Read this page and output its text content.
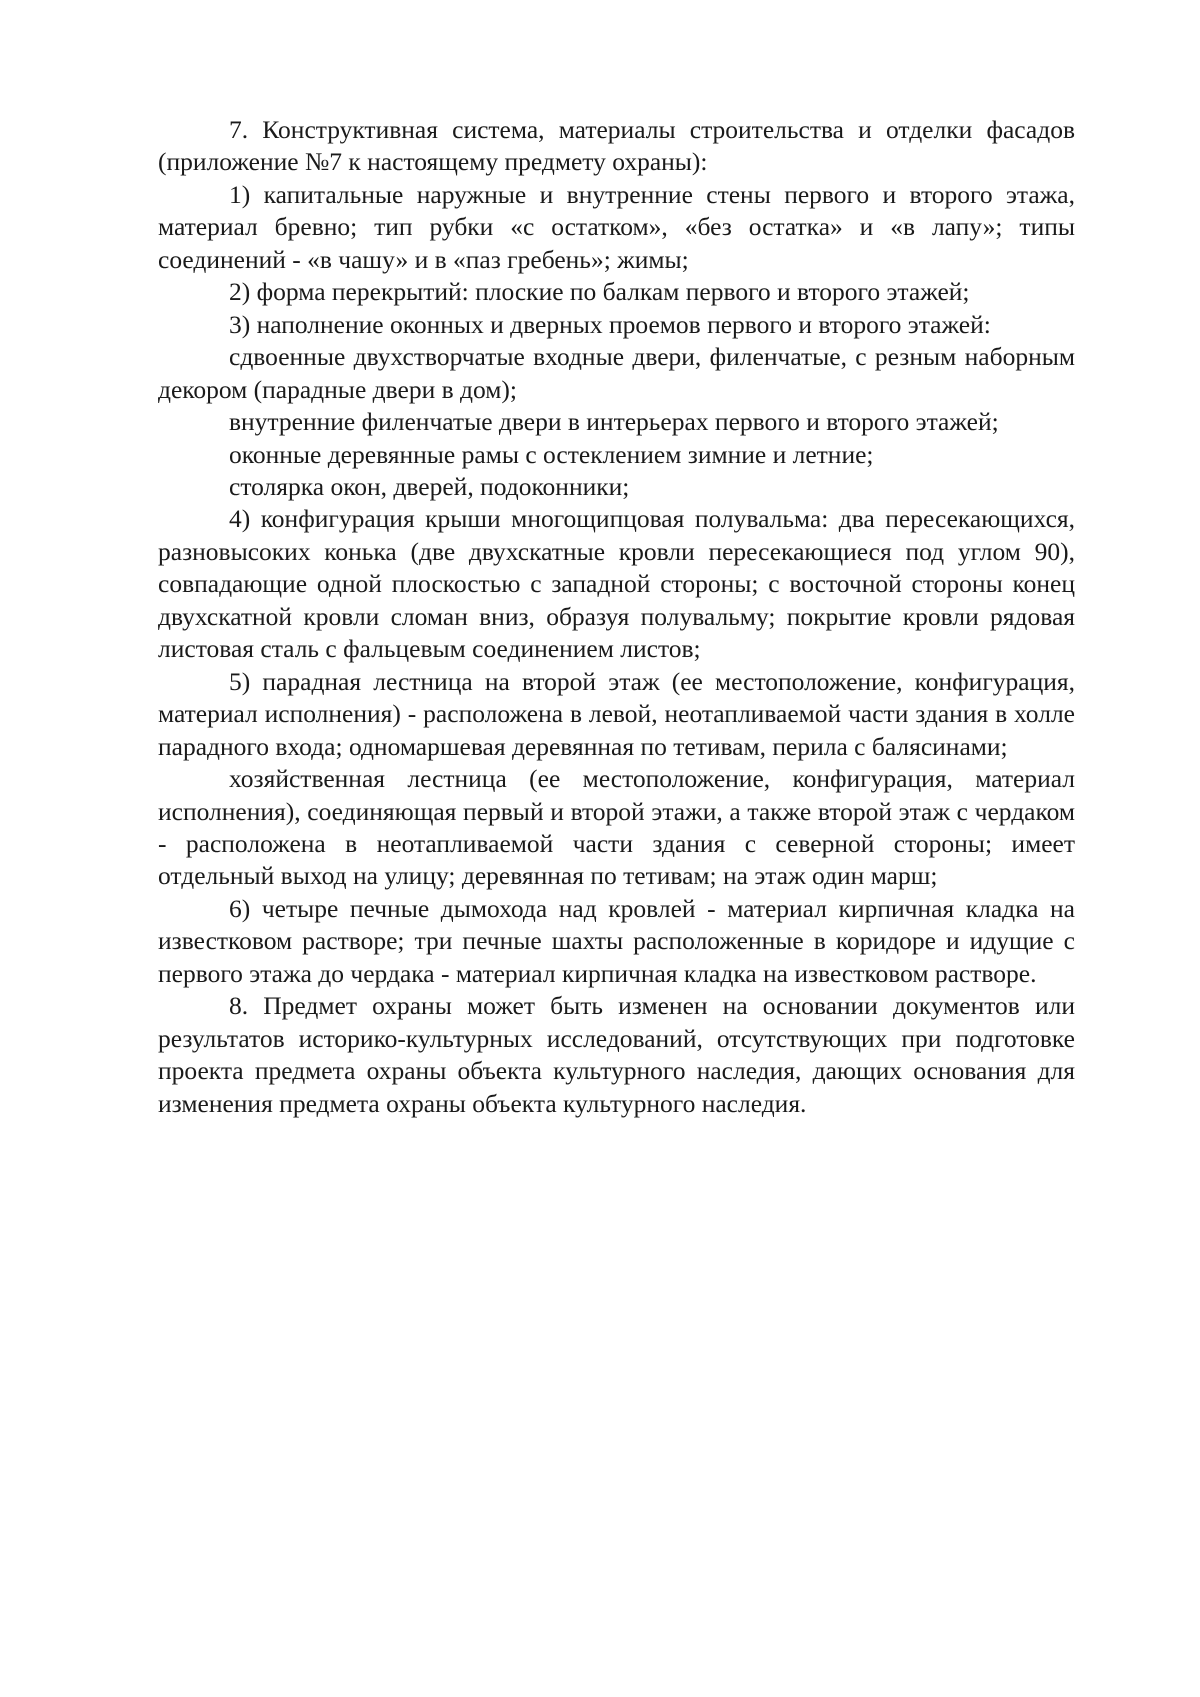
7. Конструктивная система, материалы строительства и отделки фасадов (приложение №7 к настоящему предмету охраны):

1) капитальные наружные и внутренние стены первого и второго этажа, материал бревно; тип рубки «с остатком», «без остатка» и «в лапу»; типы соединений - «в чашу» и в «паз гребень»; жимы;

2) форма перекрытий: плоские по балкам первого и второго этажей;

3) наполнение оконных и дверных проемов первого и второго этажей:

сдвоенные двухстворчатые входные двери, филенчатые, с резным наборным декором (парадные двери в дом);

внутренние филенчатые двери в интерьерах первого и второго этажей;

оконные деревянные рамы с остеклением зимние и летние;

столярка окон, дверей, подоконники;

4) конфигурация крыши многощипцовая полувальма: два пересекающихся, разновысоких конька (две двухскатные кровли пересекающиеся под углом 90), совпадающие одной плоскостью с западной стороны; с восточной стороны конец двухскатной кровли сломан вниз, образуя полувальму; покрытие кровли рядовая листовая сталь с фальцевым соединением листов;

5) парадная лестница на второй этаж (ее местоположение, конфигурация, материал исполнения) - расположена в левой, неотапливаемой части здания в холле парадного входа; одномаршевая деревянная по тетивам, перила с балясинами;

хозяйственная лестница (ее местоположение, конфигурация, материал исполнения), соединяющая первый и второй этажи, а также второй этаж с чердаком - расположена в неотапливаемой части здания с северной стороны; имеет отдельный выход на улицу; деревянная по тетивам; на этаж один марш;

6) четыре печные дымохода над кровлей - материал кирпичная кладка на известковом растворе; три печные шахты расположенные в коридоре и идущие с первого этажа до чердака - материал кирпичная кладка на известковом растворе.

8. Предмет охраны может быть изменен на основании документов или результатов историко-культурных исследований, отсутствующих при подготовке проекта предмета охраны объекта культурного наследия, дающих основания для изменения предмета охраны объекта культурного наследия.
